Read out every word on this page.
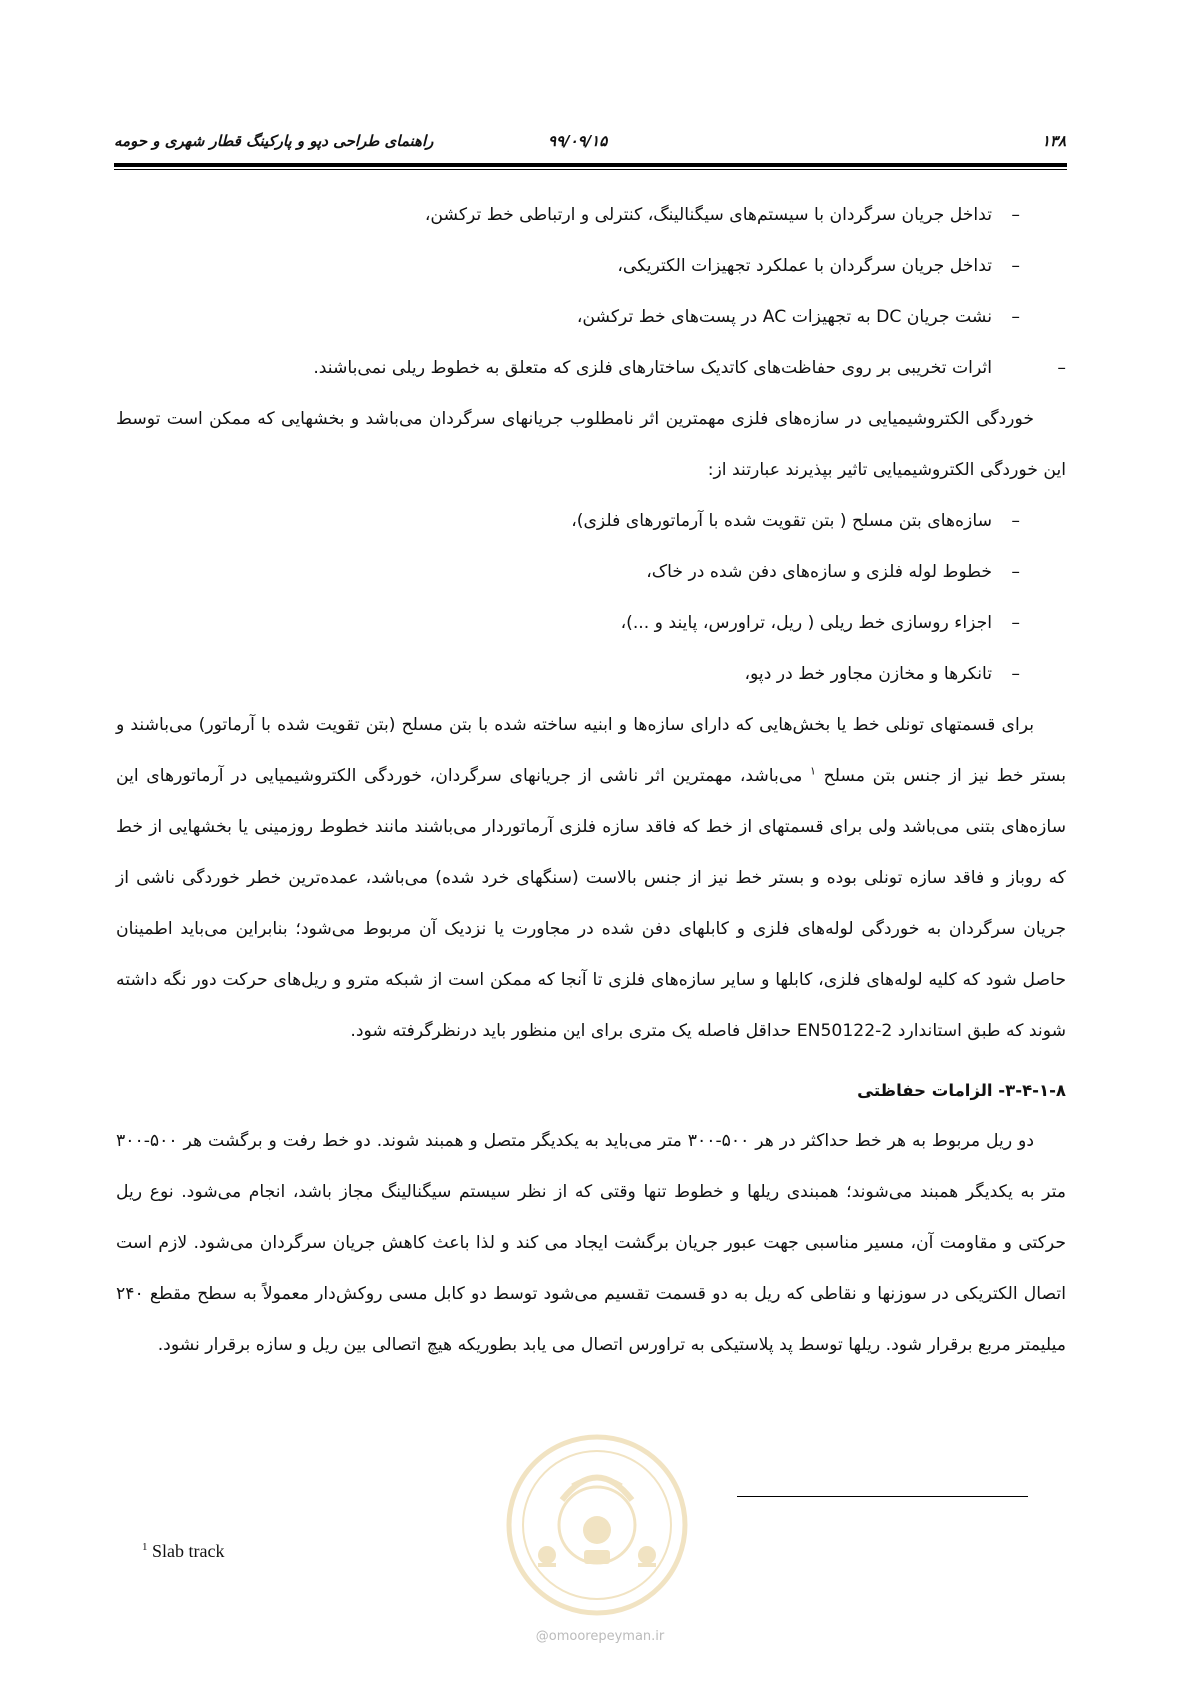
۱۳۸
۹۹/۰۹/۱۵
راهنمای طراحی دپو و پارکینگ قطار شهری و حومه
–
تداخل جریان سرگردان با سیستم‌های سیگنالینگ، کنترلی و ارتباطی خط ترکشن،
–
تداخل جریان سرگردان با عملکرد تجهیزات الکتریکی،
–
نشت جریان DC به تجهیزات AC در پست‌های خط ترکشن،
–
اثرات تخریبی بر روی حفاظت‌های کاتدیک ساختارهای فلزی که متعلق به خطوط ریلی نمی‌باشند.

خوردگی الکتروشیمیایی در سازه‌های فلزی مهمترین اثر نامطلوب جریانهای سرگردان می‌باشد و بخشهایی که ممکن است توسط این خوردگی الکتروشیمیایی تاثیر بپذیرند عبارتند از:

–
سازه‌های بتن مسلح ( بتن تقویت شده با آرماتورهای فلزی)،
–
خطوط لوله فلزی و سازه‌های دفن شده در خاک،
–
اجزاء روسازی خط ریلی ( ریل، تراورس، پایند و ...)،
–
تانکرها و مخازن مجاور خط در دپو،

برای قسمتهای تونلی خط یا بخش‌هایی که دارای سازه‌ها و ابنیه ساخته شده با بتن مسلح (بتن تقویت شده با آرماتور) می‌باشند و بستر خط نیز از جنس بتن مسلح $^۱$ می‌باشد، مهمترین اثر ناشی از جریانهای سرگردان، خوردگی الکتروشیمیایی در آرماتورهای این سازه‌های بتنی می‌باشد ولی برای قسمتهای از خط که فاقد سازه فلزی آرماتوردار می‌باشند مانند خطوط روزمینی یا بخشهایی از خط که روباز و فاقد سازه تونلی بوده و بستر خط نیز از جنس بالاست (سنگهای خرد شده) می‌باشد، عمده‌ترین خطر خوردگی ناشی از جریان سرگردان به خوردگی لوله‌های فلزی و کابلهای دفن شده در مجاورت یا نزدیک آن مربوط می‌شود؛ بنابراین می‌باید اطمینان حاصل شود که کلیه لوله‌های فلزی، کابلها و سایر سازه‌های فلزی تا آنجا که ممکن است از شبکه مترو و ریل‌های حرکت دور نگه داشته شوند که طبق استاندارد EN50122-2 حداقل فاصله یک متری برای این منظور باید درنظرگرفته شود.

۳-۴-۱-۸- الزامات حفاظتی

دو ریل مربوط به هر خط حداکثر در هر ۵۰۰-۳۰۰ متر می‌باید به یکدیگر متصل و همبند شوند. دو خط رفت و برگشت هر ۵۰۰-۳۰۰ متر به یکدیگر همبند می‌شوند؛ همبندی ریلها و خطوط تنها وقتی که از نظر سیستم سیگنالینگ مجاز باشد، انجام می‌شود. نوع ریل حرکتی و مقاومت آن، مسیر مناسبی جهت عبور جریان برگشت ایجاد می کند و لذا باعث کاهش جریان سرگردان می‌شود. لازم است اتصال الکتریکی در سوزنها و نقاطی که ریل به دو قسمت تقسیم می‌شود توسط دو کابل مسی روکش‌دار معمولاً به سطح مقطع ۲۴۰ میلیمتر مربع برقرار شود. ریلها توسط پد پلاستیکی به تراورس اتصال می یابد بطوریکه هیچ اتصالی بین ریل و سازه برقرار نشود.

@omoorepeyman.ir
$^1$ Slab track
